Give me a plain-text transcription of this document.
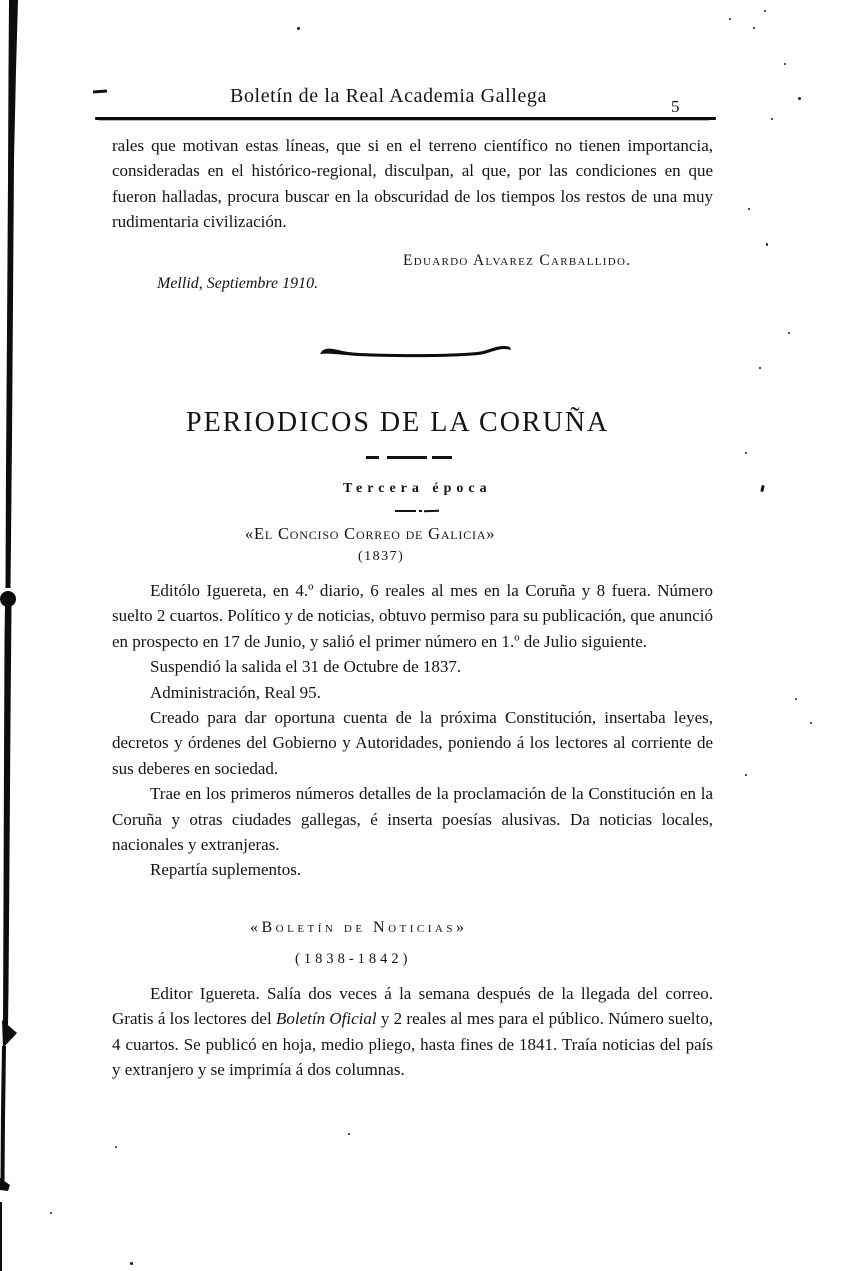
Boletín de la Real Academia Gallega	5

rales que motivan estas líneas, que si en el terreno científico no tienen importancia, consideradas en el histórico-regional, disculpan, al que, por las condiciones en que fueron halladas, procura buscar en la obscuridad de los tiempos los restos de una muy rudimentaria civilización.

Eduardo Alvarez Carballido.
Mellid, Septiembre 1910.
PERIODICOS DE LA CORUÑA
Tercera época
«El Conciso Correo de Galicia»
(1837)

Editólo Iguereta, en 4.º diario, 6 reales al mes en la Coruña y 8 fuera. Número suelto 2 cuartos. Político y de noticias, obtuvo permiso para su publicación, que anunció en prospecto en 17 de Junio, y salió el primer número en 1.º de Julio siguiente.

Suspendió la salida el 31 de Octubre de 1837.

Administración, Real 95.

Creado para dar oportuna cuenta de la próxima Constitución, insertaba leyes, decretos y órdenes del Gobierno y Autoridades, poniendo á los lectores al corriente de sus deberes en sociedad.

Trae en los primeros números detalles de la proclamación de la Constitución en la Coruña y otras ciudades gallegas, é inserta poesías alusivas. Da noticias locales, nacionales y extranjeras.

Repartía suplementos.

«Boletín de Noticias»
(1838-1842)

Editor Iguereta. Salía dos veces á la semana después de la llegada del correo. Gratis á los lectores del Boletín Oficial y 2 reales al mes para el público. Número suelto, 4 cuartos. Se publicó en hoja, medio pliego, hasta fines de 1841. Traía noticias del país y extranjero y se imprimía á dos columnas.
